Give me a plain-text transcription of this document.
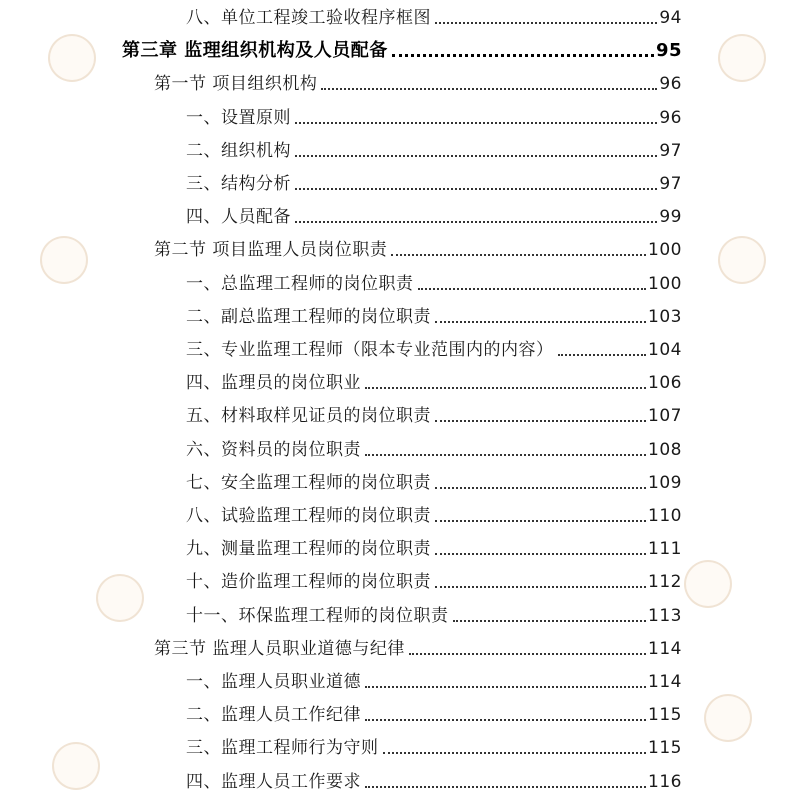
八、单位工程竣工验收程序框图	94
第三章 监理组织机构及人员配备	95
第一节 项目组织机构	96
一、设置原则	96
二、组织机构	97
三、结构分析	97
四、人员配备	99
第二节 项目监理人员岗位职责	100
一、总监理工程师的岗位职责	100
二、副总监理工程师的岗位职责	103
三、专业监理工程师（限本专业范围内的内容）	104
四、监理员的岗位职业	106
五、材料取样见证员的岗位职责	107
六、资料员的岗位职责	108
七、安全监理工程师的岗位职责	109
八、试验监理工程师的岗位职责	110
九、测量监理工程师的岗位职责	111
十、造价监理工程师的岗位职责	112
十一、环保监理工程师的岗位职责	113
第三节 监理人员职业道德与纪律	114
一、监理人员职业道德	114
二、监理人员工作纪律	115
三、监理工程师行为守则	115
四、监理人员工作要求	116
